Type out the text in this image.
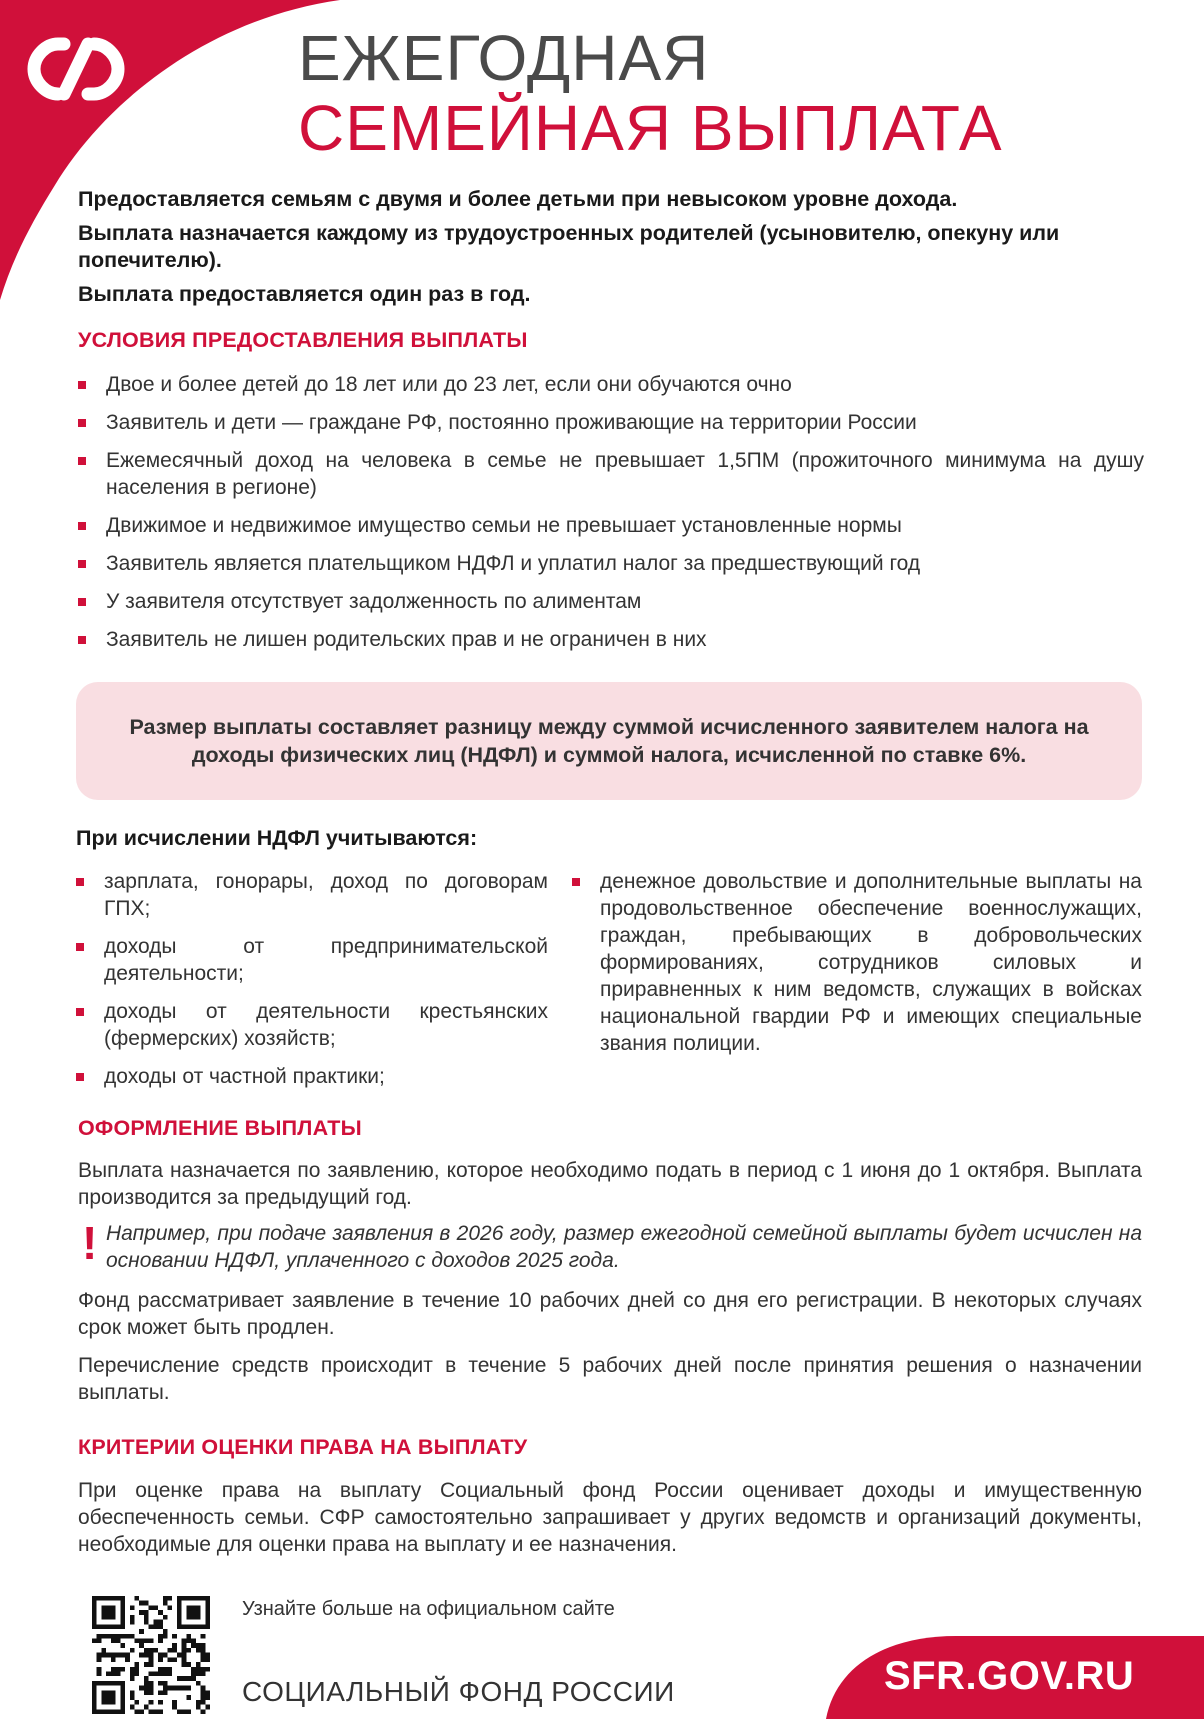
ЕЖЕГОДНАЯ
СЕМЕЙНАЯ ВЫПЛАТА

Предоставляется семьям с двумя и более детьми при невысоком уровне дохода.

Выплата назначается каждому из трудоустроенных родителей (усыновителю, опекуну или попечителю).

Выплата предоставляется один раз в год.

УСЛОВИЯ ПРЕДОСТАВЛЕНИЯ ВЫПЛАТЫ
Двое и более детей до 18 лет или до 23 лет, если они обучаются очно
Заявитель и дети — граждане РФ, постоянно проживающие на территории России
Ежемесячный доход на человека в семье не превышает 1,5ПМ (прожиточного минимума на душу населения в регионе)
Движимое и недвижимое имущество семьи не превышает установленные нормы
Заявитель является плательщиком НДФЛ и уплатил налог за предшествующий год
У заявителя отсутствует задолженность по алиментам
Заявитель не лишен родительских прав и не ограничен в них

Размер выплаты составляет разницу между суммой исчисленного заявителем налога на доходы физических лиц (НДФЛ) и суммой налога, исчисленной по ставке 6%.

При исчислении НДФЛ учитываются:
зарплата, гонорары, доход по договорам ГПХ;
доходы от предпринимательской деятельности;
доходы от деятельности крестьянских (фермерских) хозяйств;
доходы от частной практики;
денежное довольствие и дополнительные выплаты на продовольственное обеспечение военнослужащих, граждан, пребывающих в добровольческих формированиях, сотрудников силовых и приравненных к ним ведомств, служащих в войсках национальной гвардии РФ и имеющих специальные звания полиции.
ОФОРМЛЕНИЕ ВЫПЛАТЫ

Выплата назначается по заявлению, которое необходимо подать в период с 1 июня до 1 октября. Выплата производится за предыдущий год.

! Например, при подаче заявления в 2026 году, размер ежегодной семейной выплаты будет исчислен на основании НДФЛ, уплаченного с доходов 2025 года.

Фонд рассматривает заявление в течение 10 рабочих дней со дня его регистрации. В некоторых случаях срок может быть продлен.

Перечисление средств происходит в течение 5 рабочих дней после принятия решения о назначении выплаты.

КРИТЕРИИ ОЦЕНКИ ПРАВА НА ВЫПЛАТУ

При оценке права на выплату Социальный фонд России оценивает доходы и имущественную обеспеченность семьи. СФР самостоятельно запрашивает у других ведомств и организаций документы, необходимые для оценки права на выплату и ее назначения.

Узнайте больше на официальном сайте

СОЦИАЛЬНЫЙ ФОНД РОССИИ	SFR.GOV.RU
